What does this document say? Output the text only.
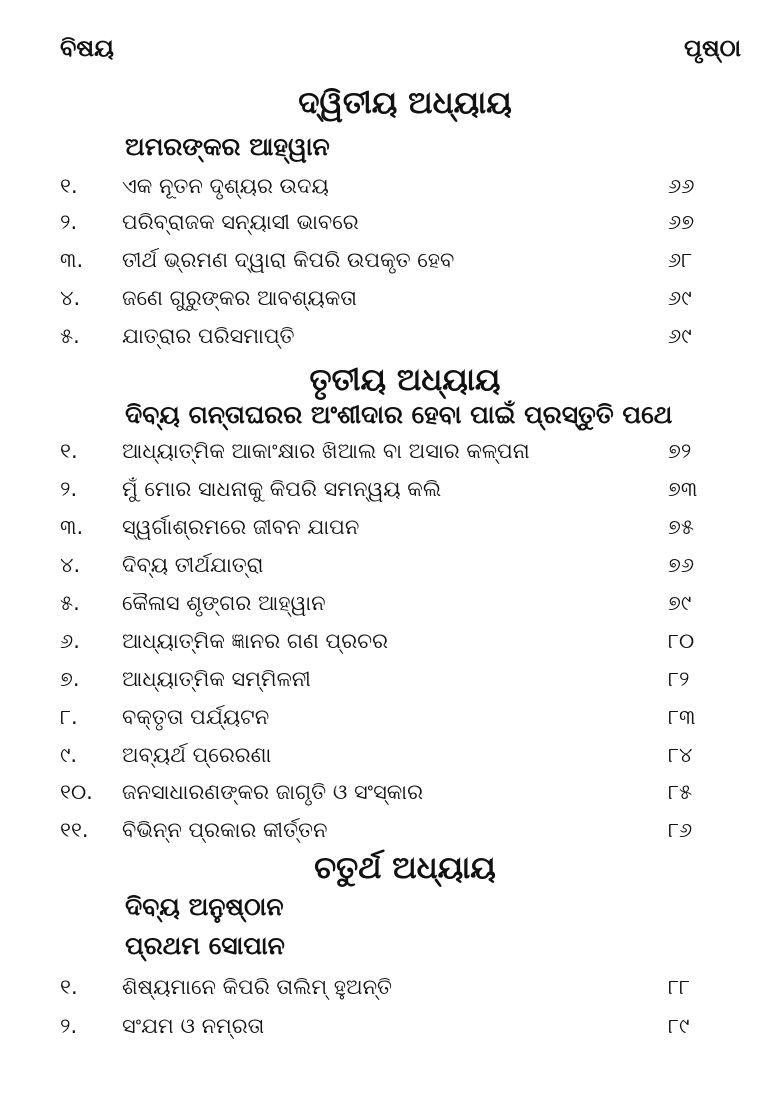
ବିଷୟ	ପୃଷ୍ଠା
ଦ୍ୱିତୀୟ ଅଧ୍ୟାୟ
ଅମରଙ୍କର ଆହ୍ୱାନ
୧. ଏକ ନୂତନ ଦୃଶ୍ୟର ଉଦୟ	୬୬
୨. ପରିବ୍ରାଜକ ସନ୍ୟାସୀ ଭାବରେ	୬୭
୩. ତୀର୍ଥ ଭ୍ରମଣ ଦ୍ୱାରା କିପରି ଉପକୃତ ହେବ	୬୮
୪. ଜଣେ ଗୁରୁଙ୍କର ଆବଶ୍ୟକତା	୬୯
୫. ଯାତ୍ରାର ପରିସମାପ୍ତି	୬୯
୧. ଆଧ୍ୟାତ୍ମିକ ଆକାଂକ୍ଷାର ଖିଆଲ ବା ଅସାର କଳ୍ପନା	୭୨
୨. ମୁଁ ମୋର ସାଧନାକୁ କିପରି ସମନ୍ୱୟ କଲି	୭୩
୩. ସ୍ୱର୍ଗାଶ୍ରମରେ ଜୀବନ ଯାପନ	୭୫
୪. ଦିବ୍ୟ ତୀର୍ଥଯାତ୍ରା	୭୬
୫. କୈଳାସ ଶୃଙ୍ଗର ଆହ୍ୱାନ	୭୯
୬. ଆଧ୍ୟାତ୍ମିକ ଜ୍ଞାନର ଗଣ ପ୍ରଚର	୮୦
୭. ଆଧ୍ୟାତ୍ମିକ ସମ୍ମିଳନୀ	୮୨
୮. ବକ୍ତୃତା ପର୍ଯ୍ୟଟନ	୮୩
୯. ଅବ୍ୟର୍ଥ ପ୍ରେରଣା	୮୪
୧୦. ଜନସାଧାରଣଙ୍କର ଜାଗୃତି ଓ ସଂସ୍କାର	୮୫
୧୧. ବିଭିନ୍ନ ପ୍ରକାର କୀର୍ତ୍ତନ	୮୬
୧. ଶିଷ୍ୟମାନେ କିପରି ତାଲିମ୍ ହୁଅନ୍ତି	୮୮
୨. ସଂଯମ ଓ ନମ୍ରତା	୮୯
ତୃତୀୟ ଅଧ୍ୟାୟ
ଦିବ୍ୟ ଗନ୍ତାଘରର ଅଂଶୀଦାର ହେବା ପାଇଁ ପ୍ରସ୍ତୁତି ପଥେ
ଚତୁର୍ଥ ଅଧ୍ୟାୟ
ଦିବ୍ୟ ଅନୁଷ୍ଠାନ
ପ୍ରଥମ ସୋପାନ
